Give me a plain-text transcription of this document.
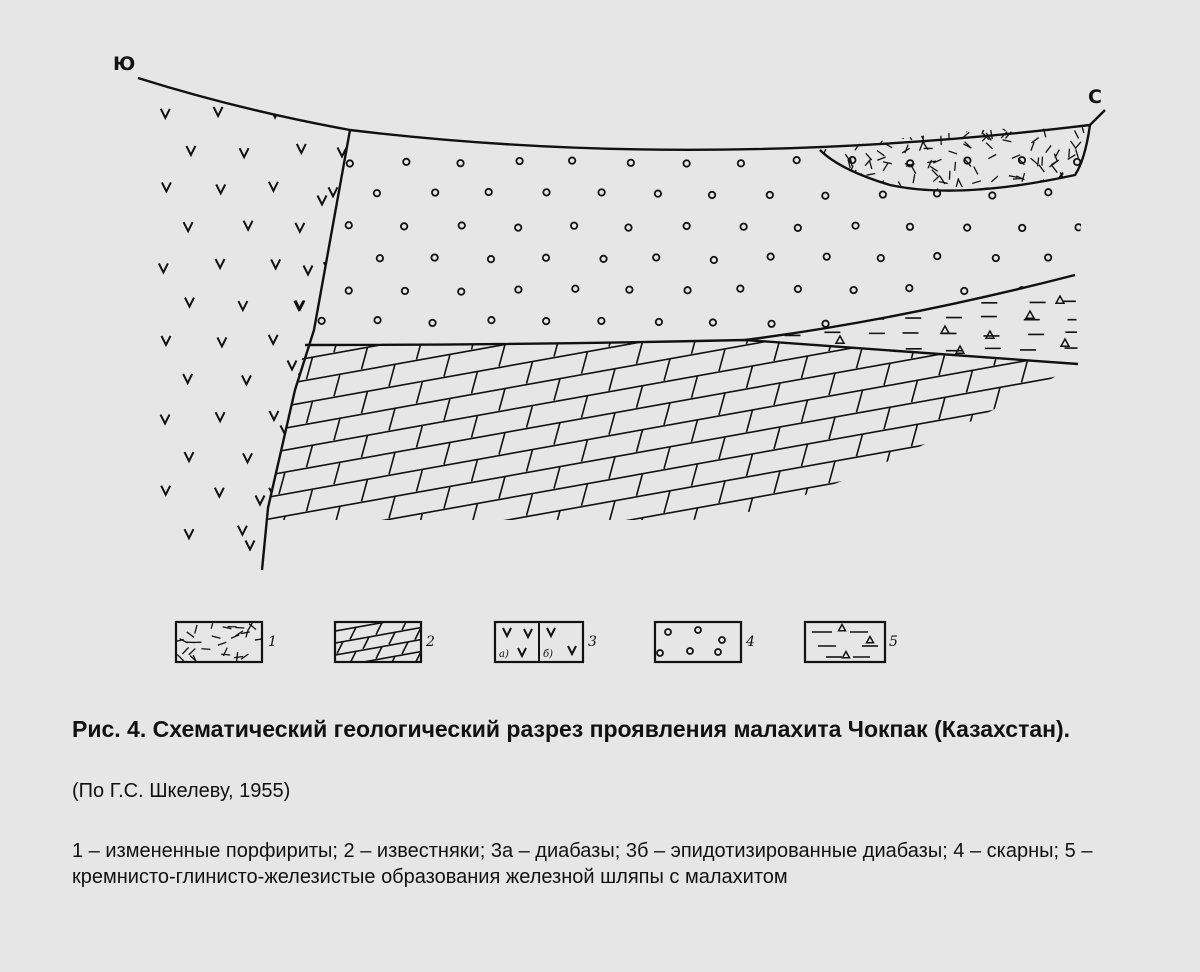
1	2
а)	б)
3	4	5
Ю
С
Рис. 4. Схематический геологический разрез проявления малахита Чокпак (Казахстан).
(По Г.С. Шкелеву, 1955)
1 – измененные порфириты; 2 – известняки; 3а – диабазы; 3б – эпидотизированные диабазы; 4 – скарны; 5 – кремнисто-глинисто-железистые образования железной шляпы с малахитом
